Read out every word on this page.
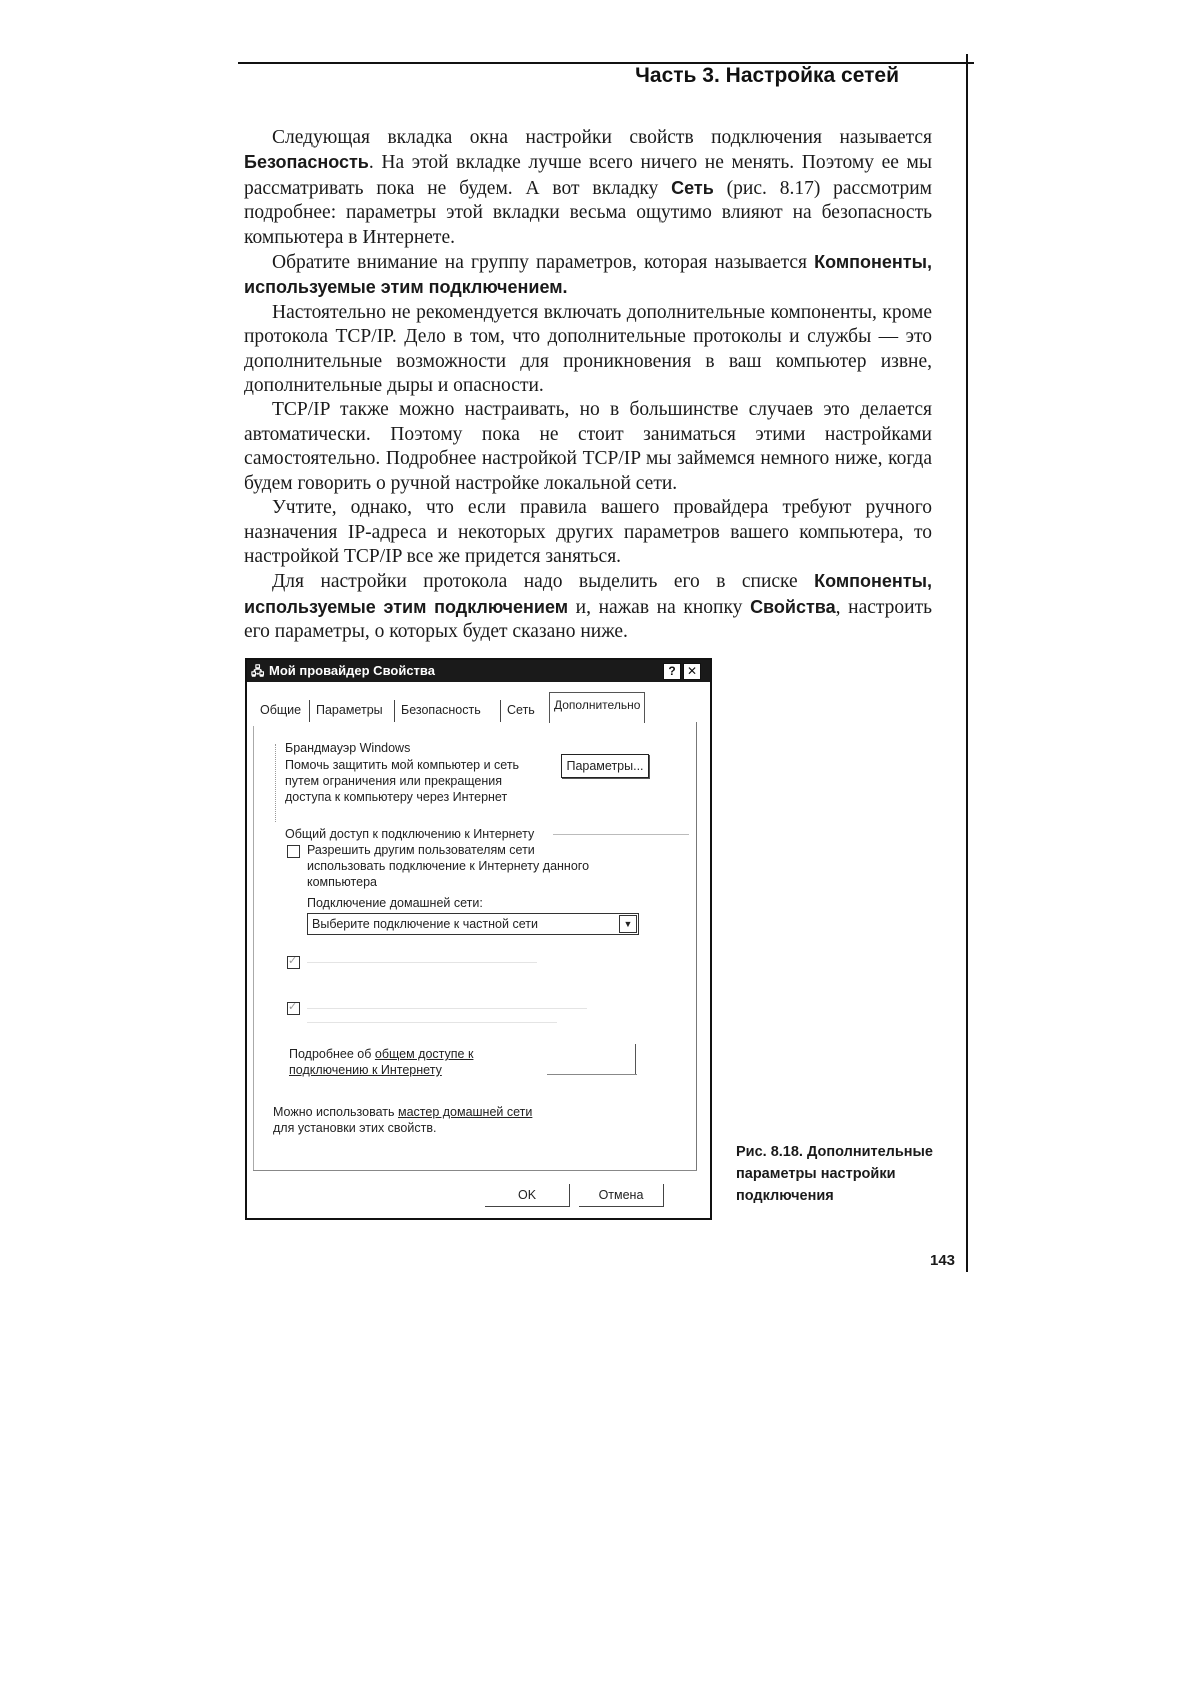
Часть 3. Настройка сетей

Следующая вкладка окна настройки свойств подключения называется Безопасность. На этой вкладке лучше всего ничего не менять. Поэтому ее мы рассматривать пока не будем. А вот вкладку Сеть (рис. 8.17) рассмотрим подробнее: параметры этой вкладки весьма ощутимо влияют на безопасность компьютера в Интернете.

Обратите внимание на группу параметров, которая называется Компоненты, используемые этим подключением.

Настоятельно не рекомендуется включать дополнительные компоненты, кроме протокола TCP/IP. Дело в том, что дополнительные протоколы и службы — это дополнительные возможности для проникновения в ваш компьютер извне, дополнительные дыры и опасности.

TCP/IP также можно настраивать, но в большинстве случаев это делается автоматически. Поэтому пока не стоит заниматься этими настройками самостоятельно. Подробнее настройкой TCP/IP мы займемся немного ниже, когда будем говорить о ручной настройке локальной сети.

Учтите, однако, что если правила вашего провайдера требуют ручного назначения IP-адреса и некоторых других параметров вашего компьютера, то настройкой TCP/IP все же придется заняться.

Для настройки протокола надо выделить его в списке Компоненты, используемые этим подключением и, нажав на кнопку Свойства, настроить его параметры, о которых будет сказано ниже.

🖧 Мой провайдер Свойства	? ✕
Общие Параметры Безопасность Сеть	Дополнительно
Брандмауэр Windows
Помочь защитить мой компьютер и сеть
путем ограничения или прекращения
доступа к компьютеру через Интернет
Параметры...
Общий доступ к подключению к Интернету
Разрешить другим пользователям сети
использовать подключение к Интернету данного
компьютера
Подключение домашней сети:
Выберите подключение к частной сети	▼
✓
✓
Подробнее об общем доступе к
подключению к Интернету
Можно использовать мастер домашней сети
для установки этих свойств.
OK	Отмена
Рис. 8.18. Дополнительные параметры настройки подключения
143
